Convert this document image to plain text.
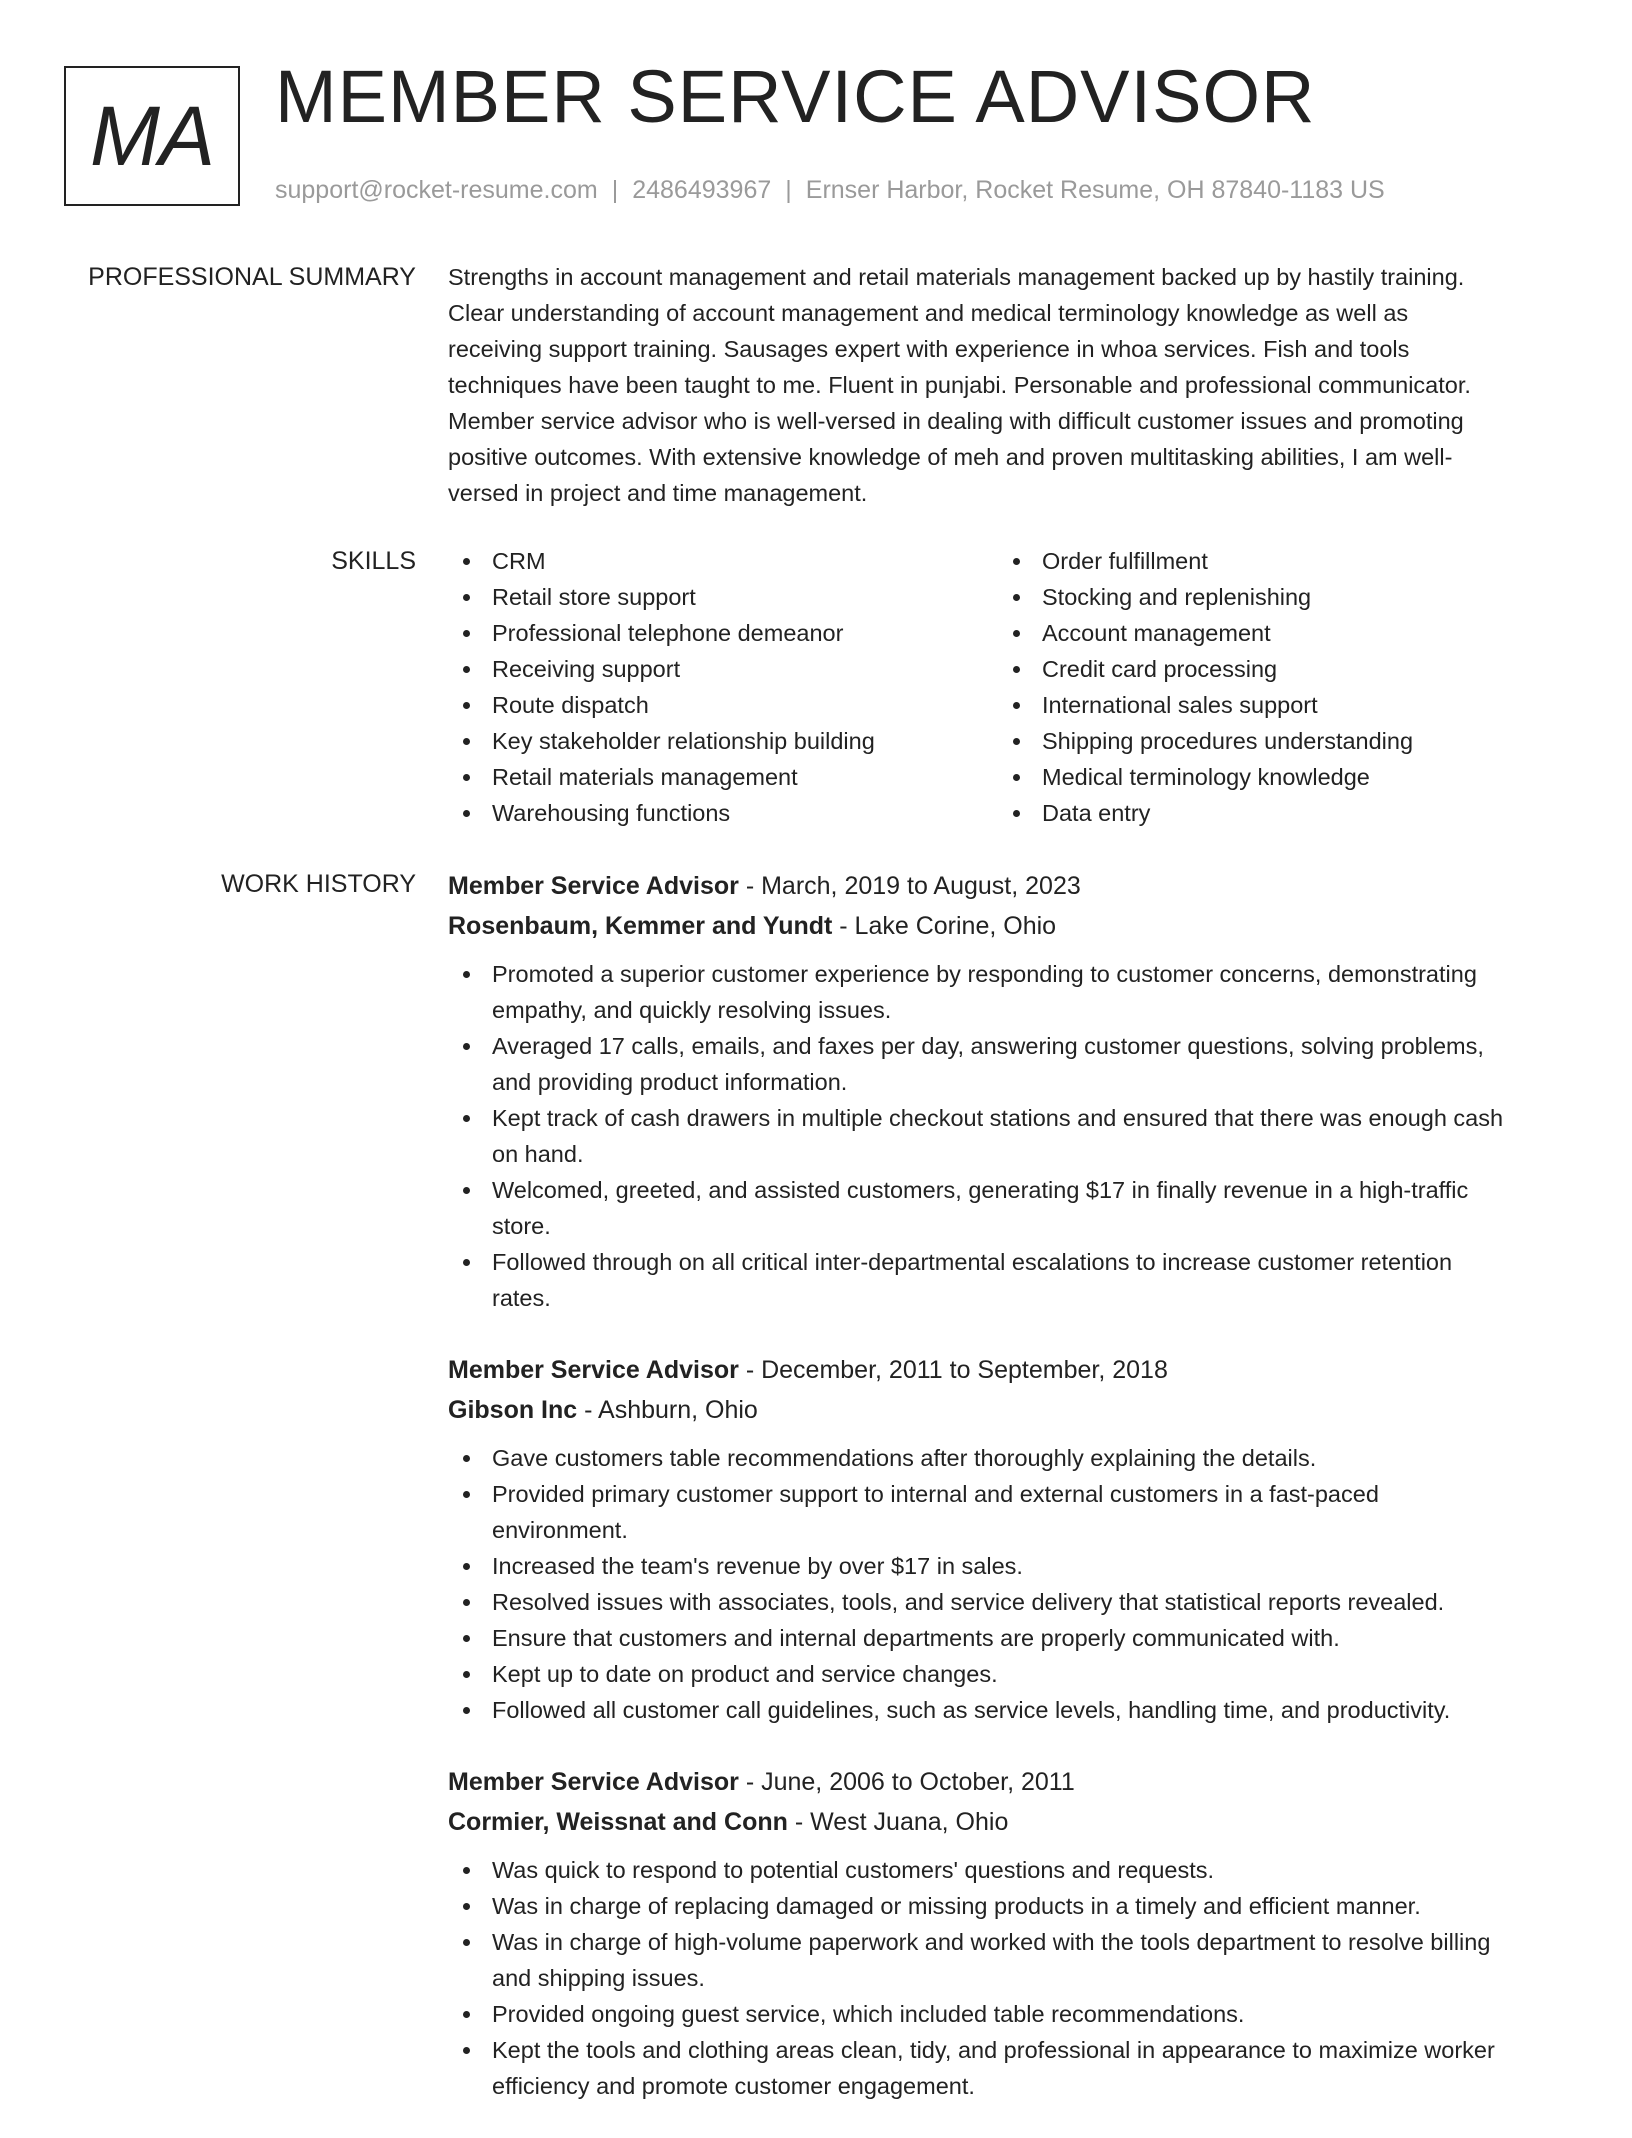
MA MEMBER SERVICE ADVISOR
support@rocket-resume.com | 2486493967 | Ernser Harbor, Rocket Resume, OH 87840-1183 US
PROFESSIONAL SUMMARY Strengths in account management and retail materials management backed up by hastily training.
Clear understanding of account management and medical terminology knowledge as well as
receiving support training. Sausages expert with experience in whoa services. Fish and tools
techniques have been taught to me. Fluent in punjabi. Personable and professional communicator.
Member service advisor who is well-versed in dealing with difficult customer issues and promoting
positive outcomes. With extensive knowledge of meh and proven multitasking abilities, I am well-
versed in project and time management.
SKILLS	CRM
Retail store support
Professional telephone demeanor
Receiving support
Route dispatch
Key stakeholder relationship building
Retail materials management
Warehousing functions
Order fulfillment
Stocking and replenishing
Account management
Credit card processing
International sales support
Shipping procedures understanding
Medical terminology knowledge
Data entry
WORK HISTORY Member Service Advisor - March, 2019 to August, 2023
Rosenbaum, Kemmer and Yundt - Lake Corine, Ohio
Promoted a superior customer experience by responding to customer concerns, demonstrating
empathy, and quickly resolving issues.
Averaged 17 calls, emails, and faxes per day, answering customer questions, solving problems,
and providing product information.
Kept track of cash drawers in multiple checkout stations and ensured that there was enough cash
on hand.
Welcomed, greeted, and assisted customers, generating $17 in finally revenue in a high-traffic
store.
Followed through on all critical inter-departmental escalations to increase customer retention
rates.
Member Service Advisor - December, 2011 to September, 2018
Gibson Inc - Ashburn, Ohio
Gave customers table recommendations after thoroughly explaining the details.
Provided primary customer support to internal and external customers in a fast-paced
environment.
Increased the team's revenue by over $17 in sales.
Resolved issues with associates, tools, and service delivery that statistical reports revealed.
Ensure that customers and internal departments are properly communicated with.
Kept up to date on product and service changes.
Followed all customer call guidelines, such as service levels, handling time, and productivity.
Member Service Advisor - June, 2006 to October, 2011
Cormier, Weissnat and Conn - West Juana, Ohio
Was quick to respond to potential customers' questions and requests.
Was in charge of replacing damaged or missing products in a timely and efficient manner.
Was in charge of high-volume paperwork and worked with the tools department to resolve billing
and shipping issues.
Provided ongoing guest service, which included table recommendations.
Kept the tools and clothing areas clean, tidy, and professional in appearance to maximize worker
efficiency and promote customer engagement.
